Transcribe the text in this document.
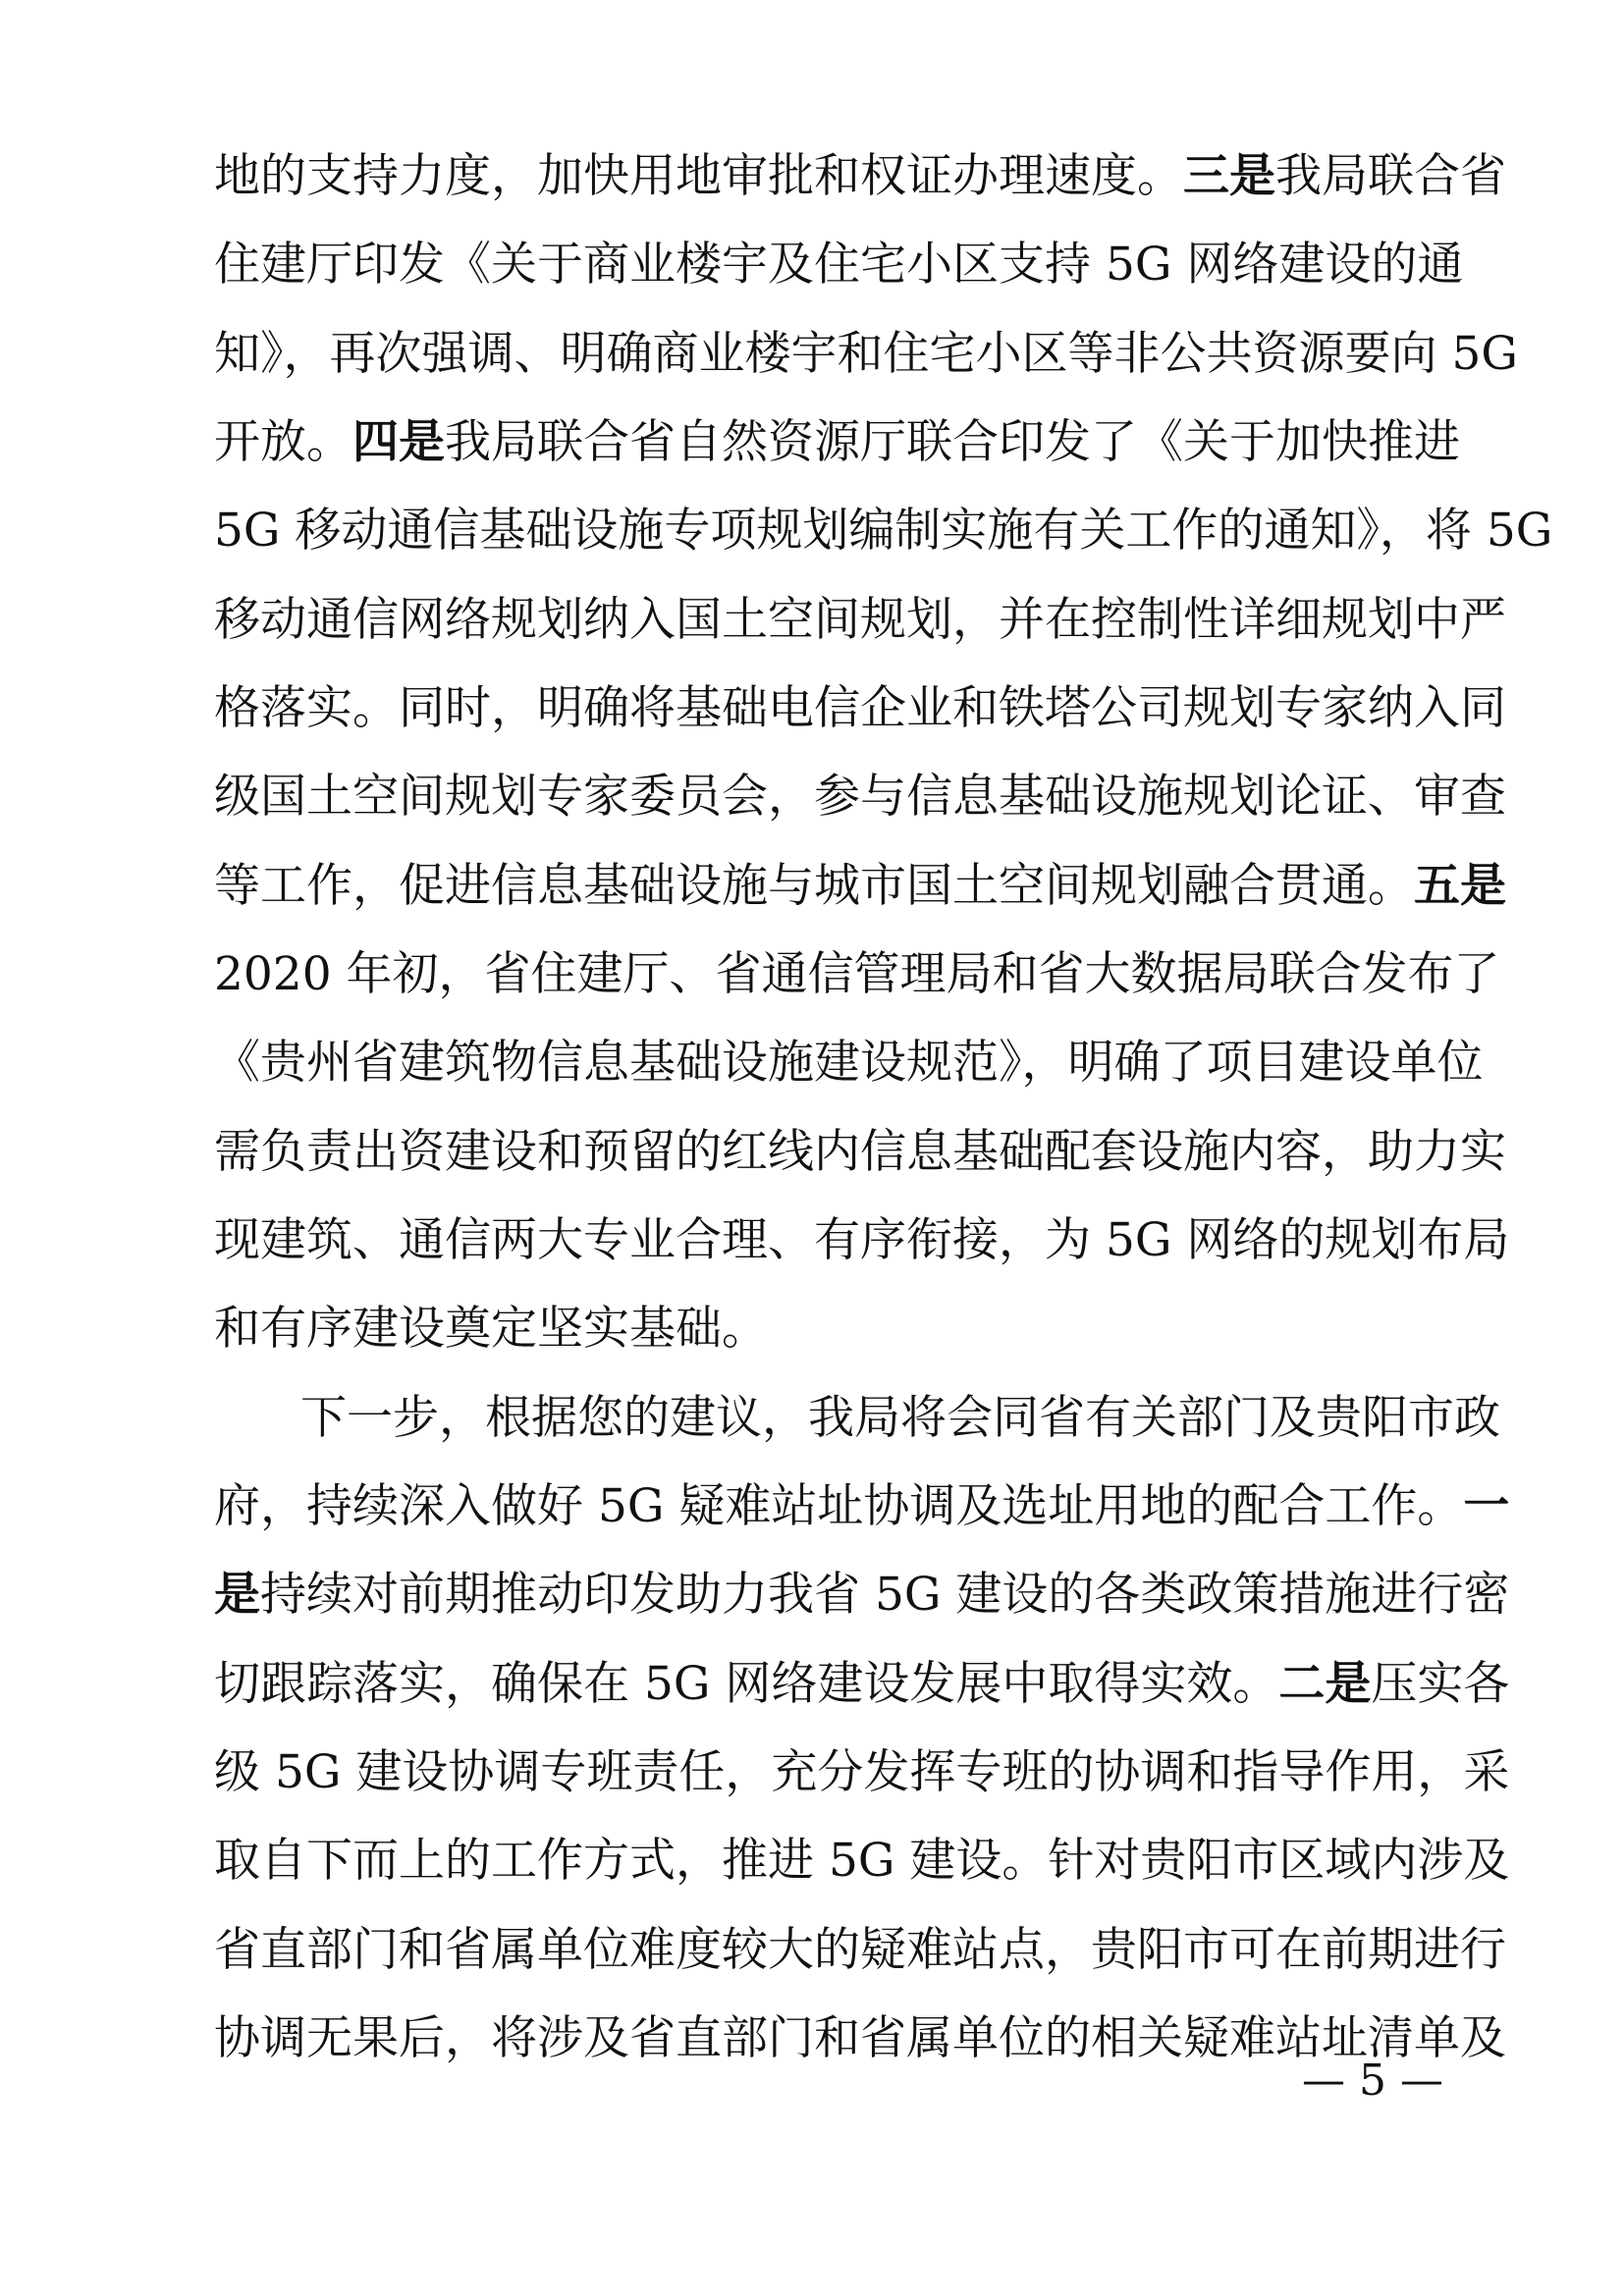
地的支持力度，加快用地审批和权证办理速度。三是我局联合省
住建厅印发《关于商业楼宇及住宅小区支持 5G 网络建设的通
知》，再次强调、明确商业楼宇和住宅小区等非公共资源要向 5G
开放。四是我局联合省自然资源厅联合印发了《关于加快推进
5G 移动通信基础设施专项规划编制实施有关工作的通知》，将 5G
移动通信网络规划纳入国土空间规划，并在控制性详细规划中严
格落实。同时，明确将基础电信企业和铁塔公司规划专家纳入同
级国土空间规划专家委员会，参与信息基础设施规划论证、审查
等工作，促进信息基础设施与城市国土空间规划融合贯通。五是
2020 年初，省住建厅、省通信管理局和省大数据局联合发布了
《贵州省建筑物信息基础设施建设规范》，明确了项目建设单位
需负责出资建设和预留的红线内信息基础配套设施内容，助力实
现建筑、通信两大专业合理、有序衔接，为 5G 网络的规划布局
和有序建设奠定坚实基础。
下一步，根据您的建议，我局将会同省有关部门及贵阳市政
府，持续深入做好 5G 疑难站址协调及选址用地的配合工作。一
是持续对前期推动印发助力我省 5G 建设的各类政策措施进行密
切跟踪落实，确保在 5G 网络建设发展中取得实效。二是压实各
级 5G 建设协调专班责任，充分发挥专班的协调和指导作用，采
取自下而上的工作方式，推进 5G 建设。针对贵阳市区域内涉及
省直部门和省属单位难度较大的疑难站点，贵阳市可在前期进行
协调无果后，将涉及省直部门和省属单位的相关疑难站址清单及
— 5 —
